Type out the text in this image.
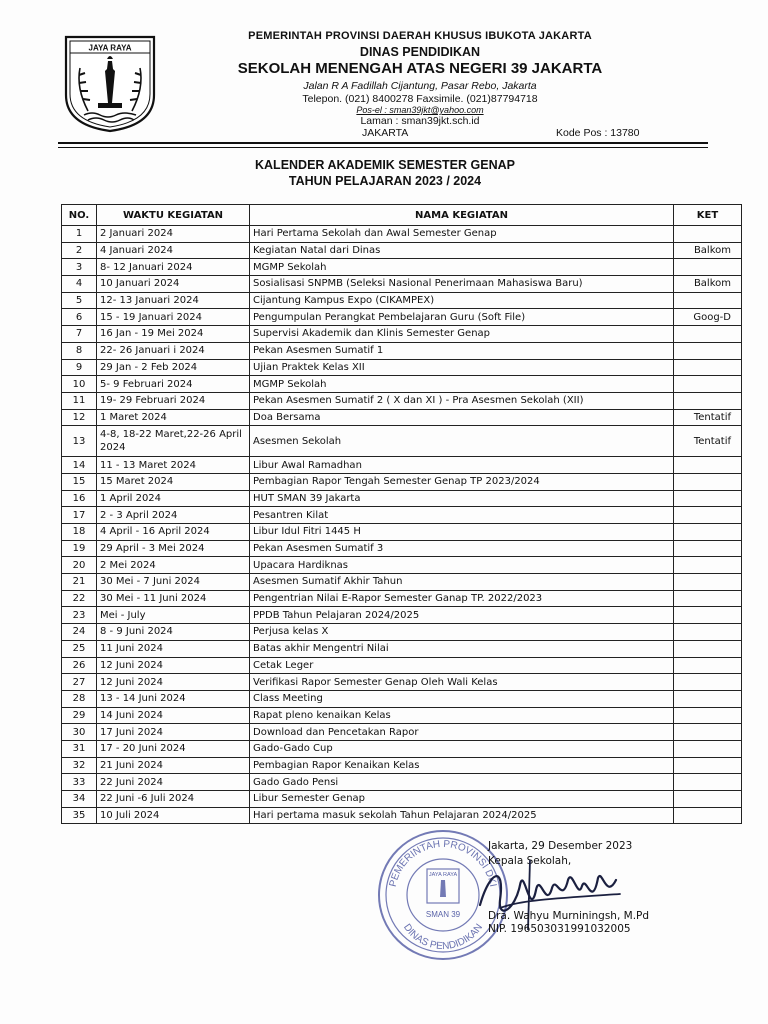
JAYA RAYA
PEMERINTAH PROVINSI DAERAH KHUSUS IBUKOTA JAKARTA
DINAS PENDIDIKAN
SEKOLAH MENENGAH ATAS NEGERI 39 JAKARTA
Jalan R A Fadillah Cijantung, Pasar Rebo, Jakarta
Telepon. (021) 8400278 Faxsimile. (021)87794718
Pos-el : sman39jkt@yahoo.com
Laman : sman39jkt.sch.id
JAKARTA	Kode Pos : 13780
KALENDER AKADEMIK SEMESTER GENAP
TAHUN PELAJARAN 2023 / 2024
NO.	WAKTU KEGIATAN	NAMA KEGIATAN	KET
1	2 Januari 2024	Hari Pertama Sekolah dan Awal Semester Genap	
2	4 Januari 2024	Kegiatan Natal dari Dinas	Balkom
3	8- 12 Januari 2024	MGMP Sekolah	
4	10 Januari 2024	Sosialisasi SNPMB (Seleksi Nasional Penerimaan Mahasiswa Baru)	Balkom
5	12- 13 Januari 2024	Cijantung Kampus Expo (CIKAMPEX)	
6	15 - 19 Januari 2024	Pengumpulan Perangkat Pembelajaran Guru (Soft File)	Goog-D
7	16 Jan - 19 Mei 2024	Supervisi Akademik dan Klinis Semester Genap	
8	22- 26 Januari i 2024	Pekan Asesmen Sumatif 1	
9	29 Jan - 2 Feb 2024	Ujian Praktek Kelas XII	
10	5- 9 Februari 2024	MGMP Sekolah	
11	19- 29 Februari 2024	Pekan Asesmen Sumatif 2 ( X dan XI ) - Pra Asesmen Sekolah (XII)	
12	1 Maret 2024	Doa Bersama	Tentatif
13	4-8, 18-22 Maret,22-26 April 2024	Asesmen Sekolah	Tentatif
14	11 - 13 Maret 2024	Libur Awal Ramadhan	
15	15 Maret 2024	Pembagian Rapor Tengah Semester Genap TP 2023/2024	
16	1 April 2024	HUT SMAN 39 Jakarta	
17	2 - 3 April 2024	Pesantren Kilat	
18	4 April - 16 April 2024	Libur Idul Fitri 1445 H	
19	29 April - 3 Mei 2024	Pekan Asesmen Sumatif 3	
20	2 Mei 2024	Upacara Hardiknas	
21	30 Mei - 7 Juni 2024	Asesmen Sumatif Akhir Tahun	
22	30 Mei - 11 Juni 2024	Pengentrian Nilai E-Rapor Semester Ganap TP. 2022/2023	
23	Mei - July	PPDB Tahun Pelajaran 2024/2025	
24	8 - 9 Juni 2024	Perjusa kelas X	
25	11 Juni 2024	Batas akhir Mengentri Nilai	
26	12 Juni 2024	Cetak Leger	
27	12 Juni 2024	Verifikasi Rapor Semester Genap Oleh Wali Kelas	
28	13 - 14 Juni 2024	Class Meeting	
29	14 Juni 2024	Rapat pleno kenaikan Kelas	
30	17 Juni 2024	Download dan Pencetakan Rapor	
31	17 - 20 Juni 2024	Gado-Gado Cup	
32	21 Juni 2024	Pembagian Rapor Kenaikan Kelas	
33	22 Juni 2024	Gado Gado Pensi	
34	22 Juni -6 Juli 2024	Libur Semester Genap	
35	10 Juli 2024	Hari pertama masuk sekolah Tahun Pelajaran 2024/2025	
PEMERINTAH PROVINSI DKI
DINAS PENDIDIKAN
JAYA RAYA
SMAN 39
Jakarta, 29 Desember 2023
Kepala Sekolah,
Dra. Wahyu Murniningsh, M.Pd
NIP. 196503031991032005
